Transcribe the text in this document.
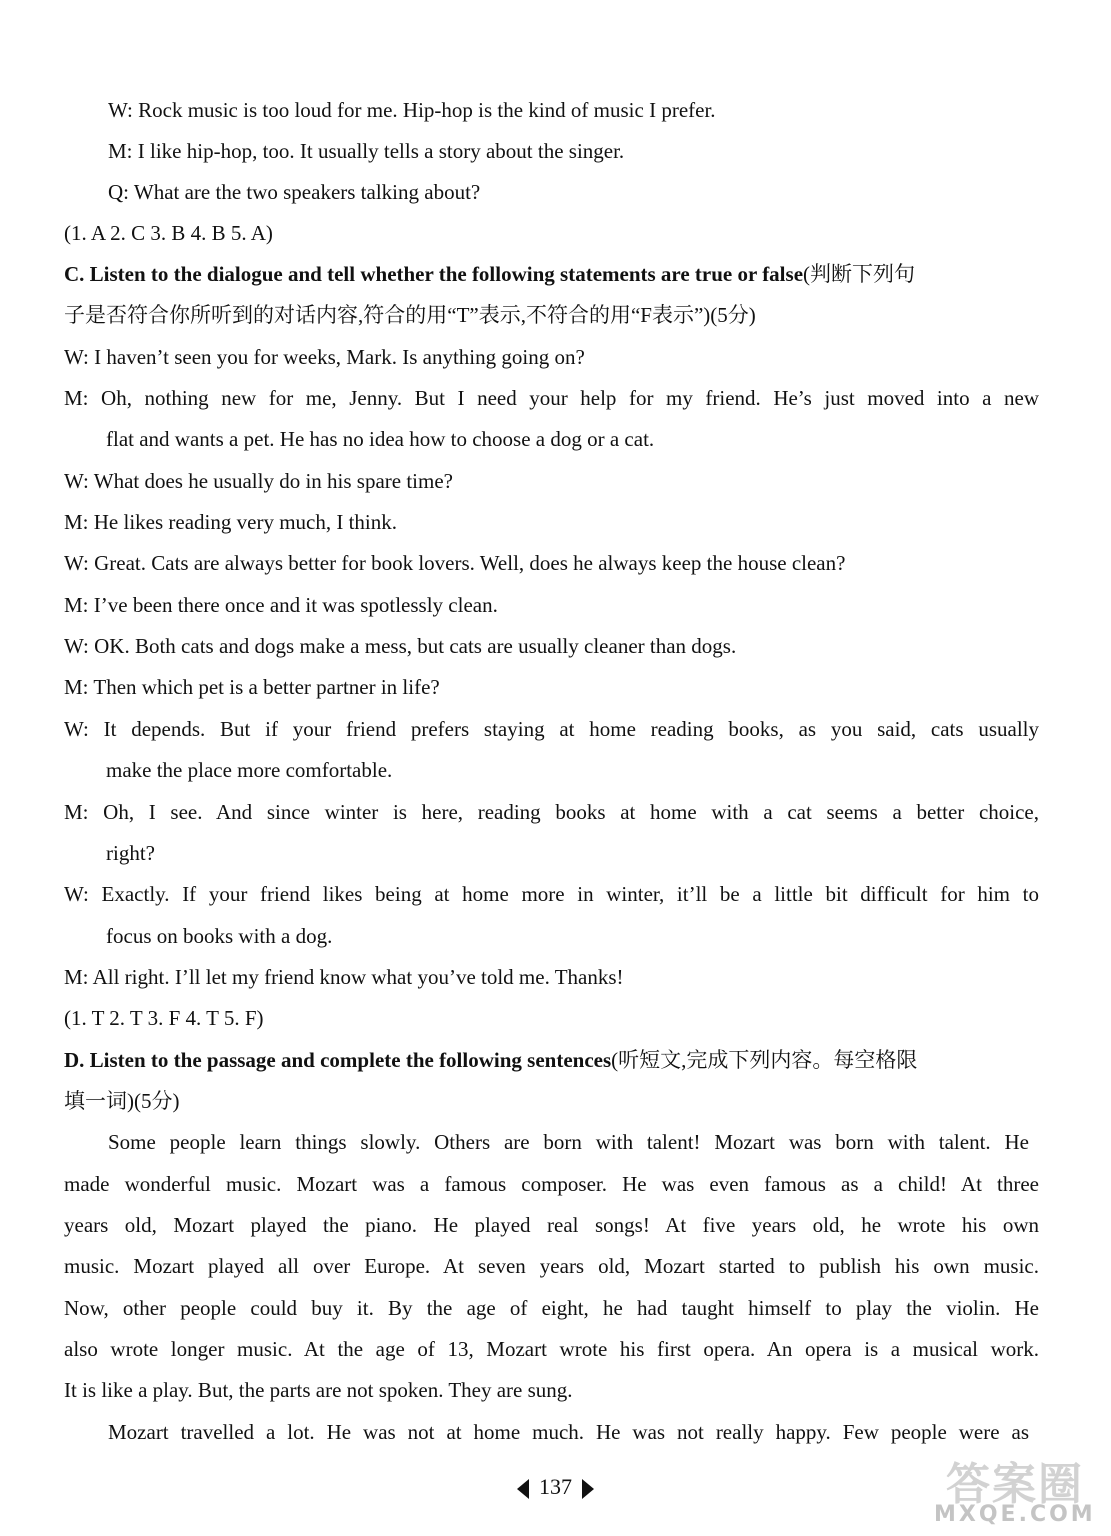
W: Rock music is too loud for me. Hip-hop is the kind of music I prefer.
M: I like hip-hop, too. It usually tells a story about the singer.
Q: What are the two speakers talking about?
(1. A 2. C 3. B 4. B 5. A)
C. Listen to the dialogue and tell whether the following statements are true or false(判断下列句
子是否符合你所听到的对话内容,符合的用“T”表示,不符合的用“F表示”)(5分)
W: I haven’t seen you for weeks, Mark. Is anything going on?
M: Oh, nothing new for me, Jenny. But I need your help for my friend. He’s just moved into a new
flat and wants a pet. He has no idea how to choose a dog or a cat.
W: What does he usually do in his spare time?
M: He likes reading very much, I think.
W: Great. Cats are always better for book lovers. Well, does he always keep the house clean?
M: I’ve been there once and it was spotlessly clean.
W: OK. Both cats and dogs make a mess, but cats are usually cleaner than dogs.
M: Then which pet is a better partner in life?
W: It depends. But if your friend prefers staying at home reading books, as you said, cats usually
make the place more comfortable.
M: Oh, I see. And since winter is here, reading books at home with a cat seems a better choice,
right?
W: Exactly. If your friend likes being at home more in winter, it’ll be a little bit difficult for him to
focus on books with a dog.
M: All right. I’ll let my friend know what you’ve told me. Thanks!
(1. T 2. T 3. F 4. T 5. F)
D. Listen to the passage and complete the following sentences(听短文,完成下列内容。每空格限
填一词)(5分)
Some people learn things slowly. Others are born with talent! Mozart was born with talent. He
made wonderful music. Mozart was a famous composer. He was even famous as a child! At three
years old, Mozart played the piano. He played real songs! At five years old, he wrote his own
music. Mozart played all over Europe. At seven years old, Mozart started to publish his own music.
Now, other people could buy it. By the age of eight, he had taught himself to play the violin. He
also wrote longer music. At the age of 13, Mozart wrote his first opera. An opera is a musical work.
It is like a play. But, the parts are not spoken. They are sung.
Mozart travelled a lot. He was not at home much. He was not really happy. Few people were as
137	答案圈
MXQE.COM
